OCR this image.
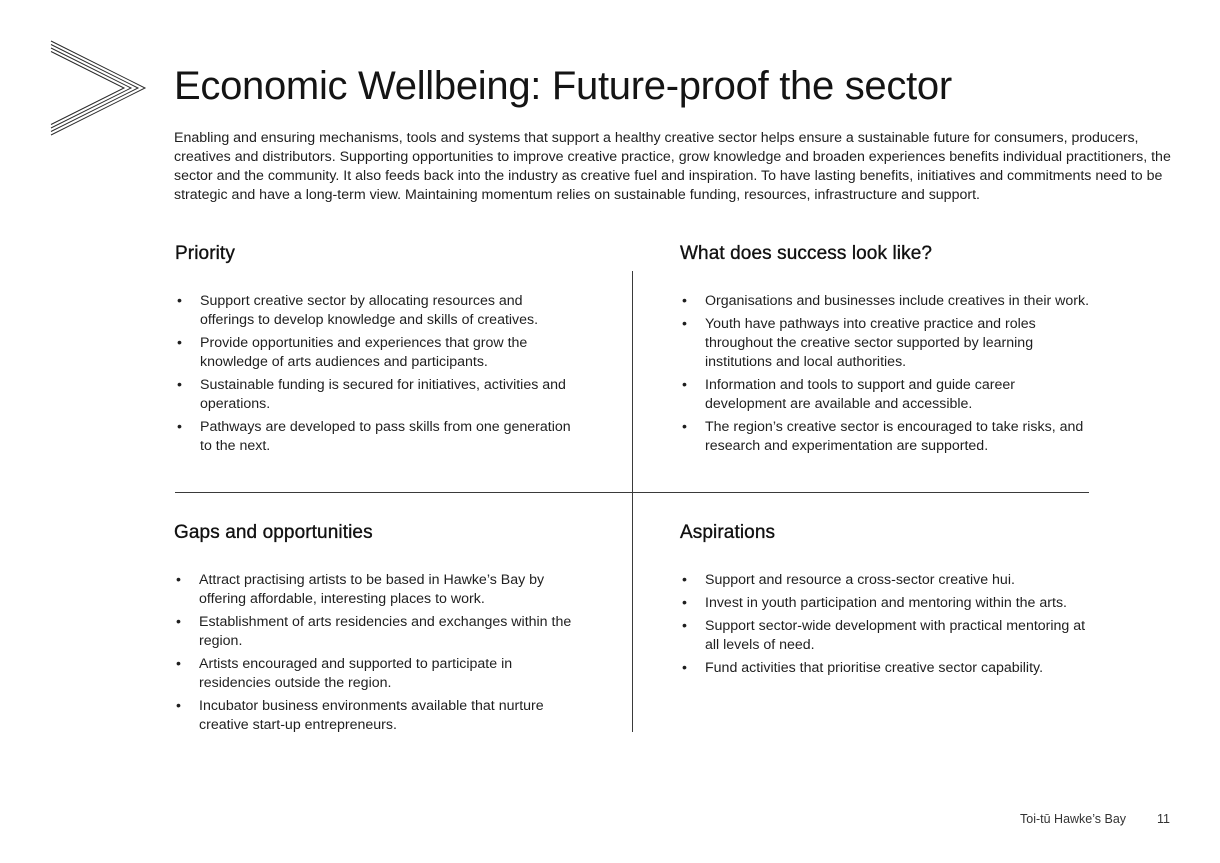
Economic Wellbeing: Future-proof the sector

Enabling and ensuring mechanisms, tools and systems that support a healthy creative sector helps ensure a sustainable future for consumers, producers, creatives and distributors. Supporting opportunities to improve creative practice, grow knowledge and broaden experiences benefits individual practitioners, the sector and the community. It also feeds back into the industry as creative fuel and inspiration. To have lasting benefits, initiatives and commitments need to be strategic and have a long-term view. Maintaining momentum relies on sustainable funding, resources, infrastructure and support.

Priority
• Support creative sector by allocating resources and offerings to develop knowledge and skills of creatives.
• Provide opportunities and experiences that grow the knowledge of arts audiences and participants.
• Sustainable funding is secured for initiatives, activities and operations.
• Pathways are developed to pass skills from one generation to the next.
What does success look like?
• Organisations and businesses include creatives in their work.
• Youth have pathways into creative practice and roles throughout the creative sector supported by learning institutions and local authorities.
• Information and tools to support and guide career development are available and accessible.
• The region’s creative sector is encouraged to take risks, and research and experimentation are supported.
Gaps and opportunities
• Attract practising artists to be based in Hawke’s Bay by offering affordable, interesting places to work.
• Establishment of arts residencies and exchanges within the region.
• Artists encouraged and supported to participate in residencies outside the region.
• Incubator business environments available that nurture creative start-up entrepreneurs.
Aspirations
• Support and resource a cross-sector creative hui.
• Invest in youth participation and mentoring within the arts.
• Support sector-wide development with practical mentoring at all levels of need.
• Fund activities that prioritise creative sector capability.
Toi-tū Hawke’s Bay 11
